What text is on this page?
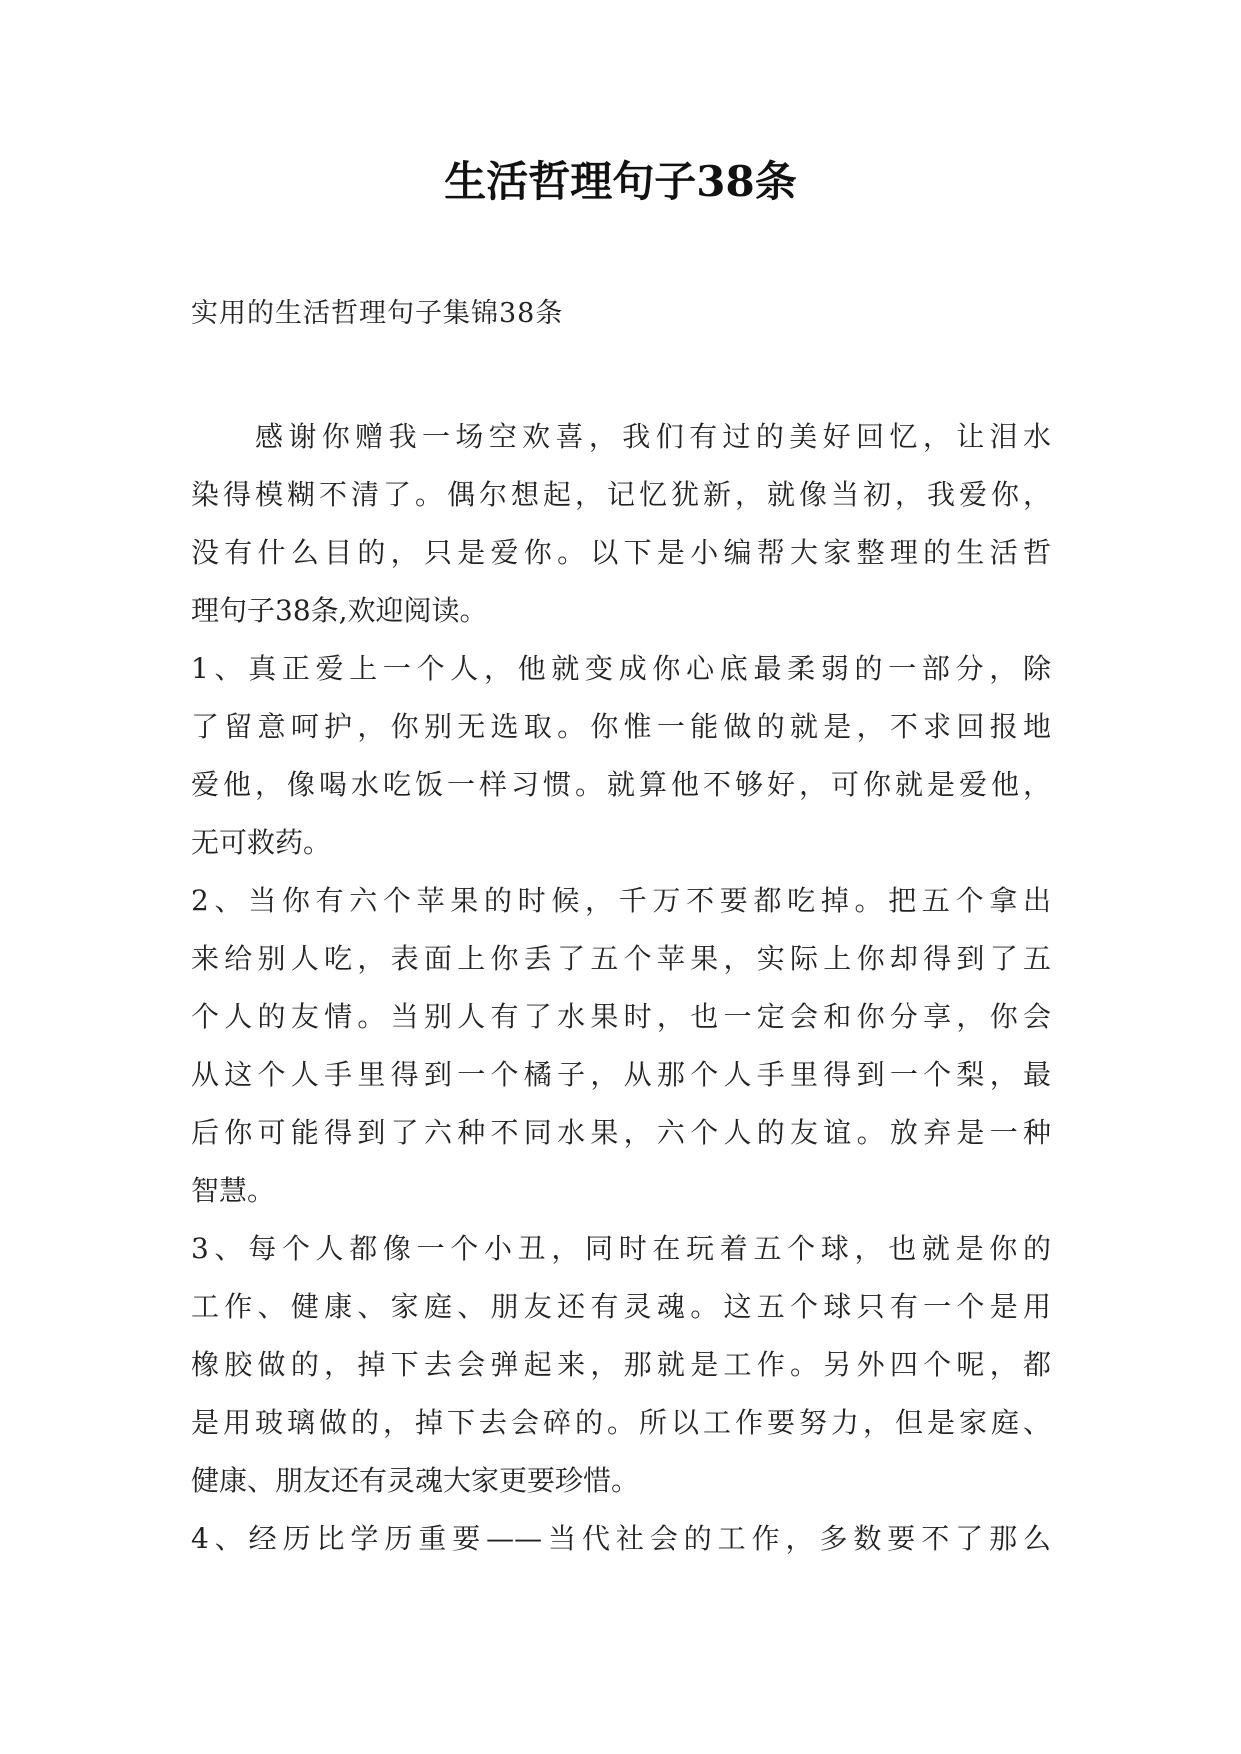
生活哲理句子38条
实用的生活哲理句子集锦38条
感谢你赠我一场空欢喜，我们有过的美好回忆，让泪水
染得模糊不清了。偶尔想起，记忆犹新，就像当初，我爱你，
没有什么目的，只是爱你。以下是小编帮大家整理的生活哲
理句子38条,欢迎阅读。
1、真正爱上一个人，他就变成你心底最柔弱的一部分，除
了留意呵护，你别无选取。你惟一能做的就是，不求回报地
爱他，像喝水吃饭一样习惯。就算他不够好，可你就是爱他，
无可救药。
2、当你有六个苹果的时候，千万不要都吃掉。把五个拿出
来给别人吃，表面上你丢了五个苹果，实际上你却得到了五
个人的友情。当别人有了水果时，也一定会和你分享，你会
从这个人手里得到一个橘子，从那个人手里得到一个梨，最
后你可能得到了六种不同水果，六个人的友谊。放弃是一种
智慧。
3、每个人都像一个小丑，同时在玩着五个球，也就是你的
工作、健康、家庭、朋友还有灵魂。这五个球只有一个是用
橡胶做的，掉下去会弹起来，那就是工作。另外四个呢，都
是用玻璃做的，掉下去会碎的。所以工作要努力，但是家庭、
健康、朋友还有灵魂大家更要珍惜。
4、经历比学历重要——当代社会的工作，多数要不了那么
